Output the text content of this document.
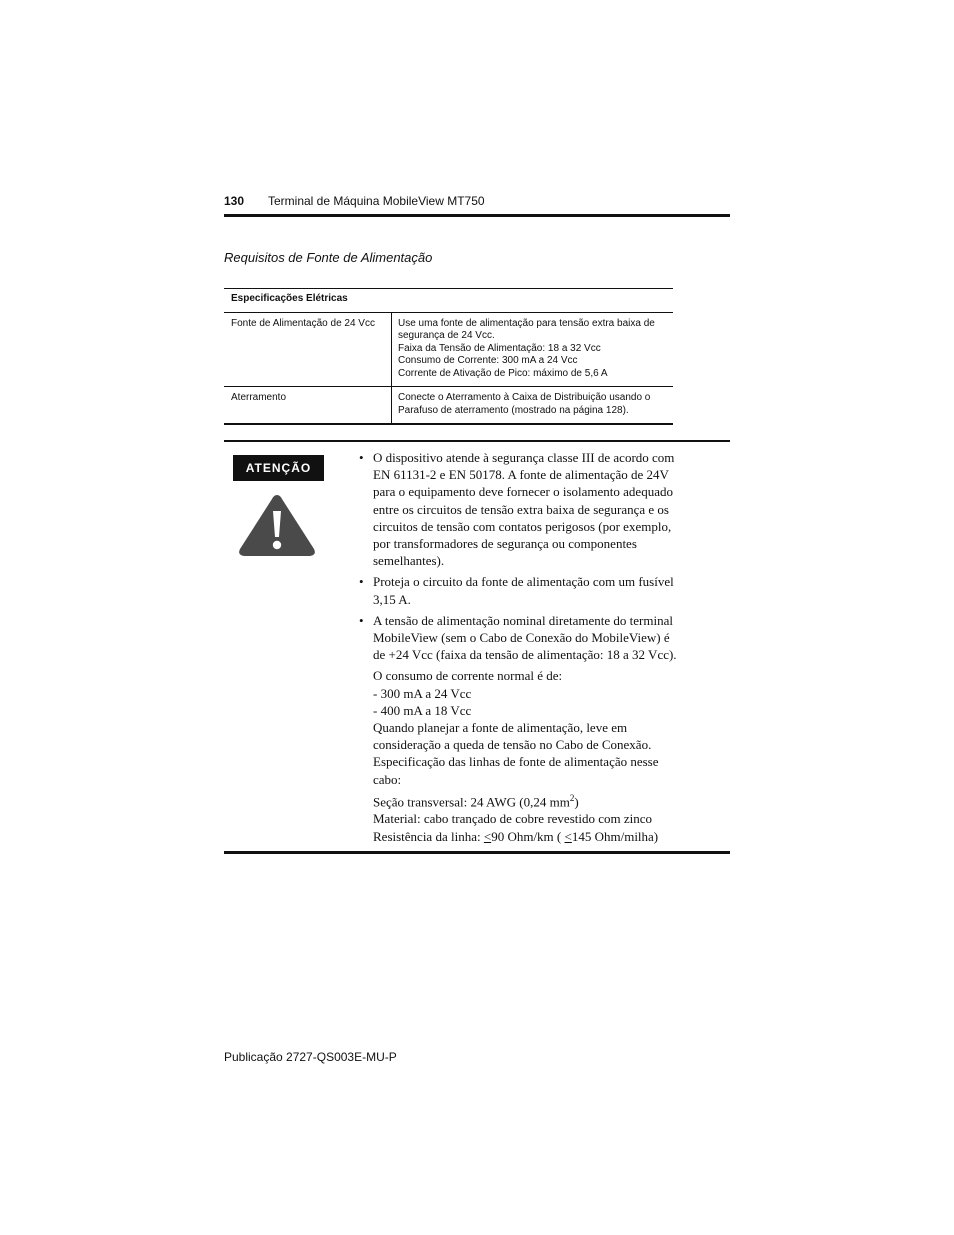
130 Terminal de Máquina MobileView MT750
Requisitos de Fonte de Alimentação
Especificações Elétricas	
Fonte de Alimentação de 24 Vcc	Use uma fonte de alimentação para tensão extra baixa de
segurança de 24 Vcc.
Faixa da Tensão de Alimentação: 18 a 32 Vcc
Consumo de Corrente: 300 mA a 24 Vcc
Corrente de Ativação de Pico: máximo de 5,6 A

Aterramento	Conecte o Aterramento à Caixa de Distribuição usando o
Parafuso de aterramento (mostrado na página 128).
ATENÇÃO
• O dispositivo atende à segurança classe III de acordo com
EN 61131-2 e EN 50178. A fonte de alimentação de 24V
para o equipamento deve fornecer o isolamento adequado
entre os circuitos de tensão extra baixa de segurança e os
circuitos de tensão com contatos perigosos (por exemplo,
por transformadores de segurança ou componentes
semelhantes).
• Proteja o circuito da fonte de alimentação com um fusível
3,15 A.
• A tensão de alimentação nominal diretamente do terminal
MobileView (sem o Cabo de Conexão do MobileView) é
de +24 Vcc (faixa da tensão de alimentação: 18 a 32 Vcc).
O consumo de corrente normal é de:
- 300 mA a 24 Vcc
- 400 mA a 18 Vcc
Quando planejar a fonte de alimentação, leve em
consideração a queda de tensão no Cabo de Conexão.
Especificação das linhas de fonte de alimentação nesse
cabo:
Seção transversal: 24 AWG (0,24 $mm^2$)
Material: cabo trançado de cobre revestido com zinco
Resistência da linha: <90 Ohm/km ( <145 Ohm/milha)
Publicação 2727-QS003E-MU-P
